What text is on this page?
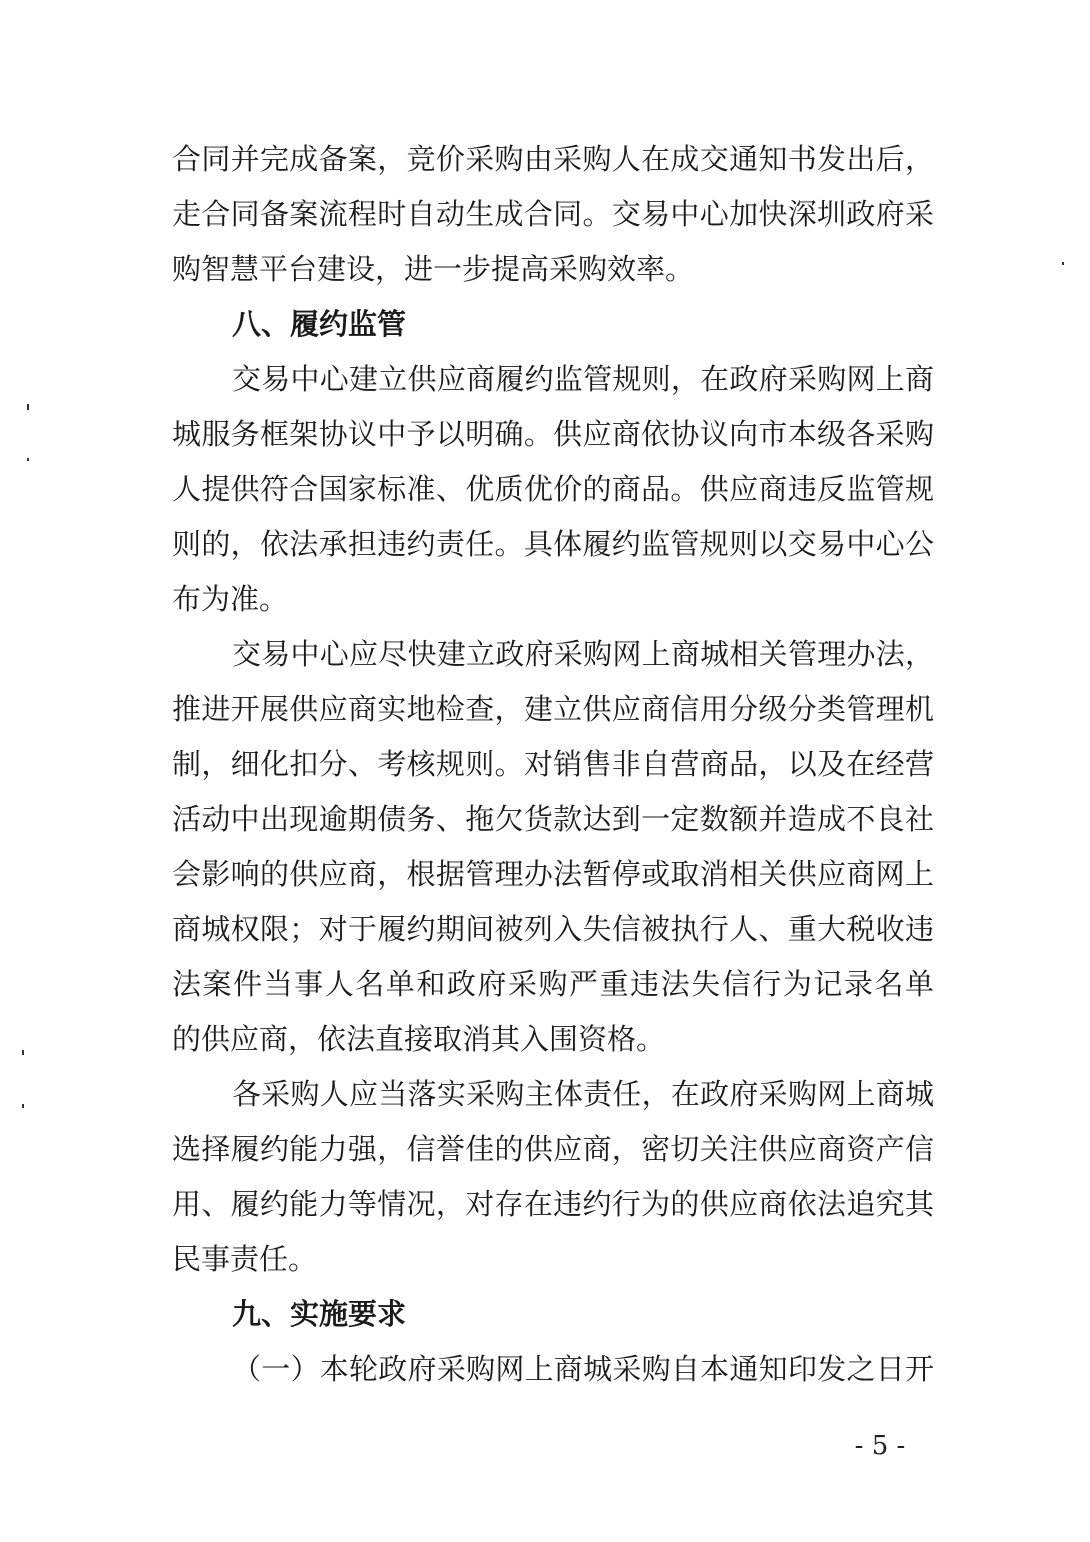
合同并完成备案，竞价采购由采购人在成交通知书发出后，
走合同备案流程时自动生成合同。交易中心加快深圳政府采
购智慧平台建设，进一步提高采购效率。
八、履约监管
交易中心建立供应商履约监管规则，在政府采购网上商
城服务框架协议中予以明确。供应商依协议向市本级各采购
人提供符合国家标准、优质优价的商品。供应商违反监管规
则的，依法承担违约责任。具体履约监管规则以交易中心公
布为准。
交易中心应尽快建立政府采购网上商城相关管理办法，
推进开展供应商实地检查，建立供应商信用分级分类管理机
制，细化扣分、考核规则。对销售非自营商品，以及在经营
活动中出现逾期债务、拖欠货款达到一定数额并造成不良社
会影响的供应商，根据管理办法暂停或取消相关供应商网上
商城权限；对于履约期间被列入失信被执行人、重大税收违
法案件当事人名单和政府采购严重违法失信行为记录名单
的供应商，依法直接取消其入围资格。
各采购人应当落实采购主体责任，在政府采购网上商城
选择履约能力强，信誉佳的供应商，密切关注供应商资产信
用、履约能力等情况，对存在违约行为的供应商依法追究其
民事责任。
九、实施要求
（一）本轮政府采购网上商城采购自本通知印发之日开
- 5 -
